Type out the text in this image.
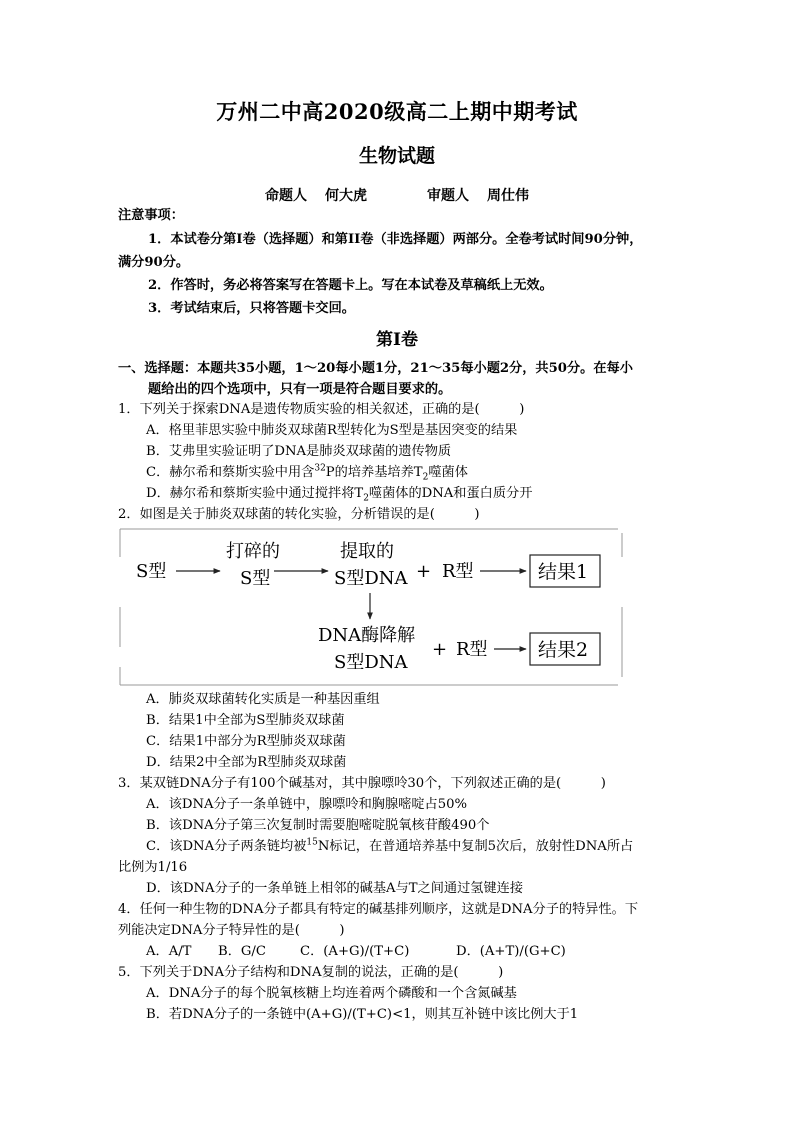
万州二中高2020级高二上期中期考试
生物试题
命题人 何大虎	审题人 周仕伟
注意事项：
1．本试卷分第I卷（选择题）和第II卷（非选择题）两部分。全卷考试时间90分钟，
满分90分。
2．作答时，务必将答案写在答题卡上。写在本试卷及草稿纸上无效。
3．考试结束后，只将答题卡交回。
第Ⅰ卷
一、选择题：本题共35小题，1～20每小题1分，21～35每小题2分，共50分。在每小
题给出的四个选项中，只有一项是符合题目要求的。
1．下列关于探索DNA是遗传物质实验的相关叙述，正确的是(　　　)
A．格里菲思实验中肺炎双球菌R型转化为S型是基因突变的结果
B．艾弗里实验证明了DNA是肺炎双球菌的遗传物质
C．赫尔希和蔡斯实验中用含$^{32}$P的培养基培养$T_2$噬菌体
D．赫尔希和蔡斯实验中通过搅拌将$T_2$噬菌体的DNA和蛋白质分开
2．如图是关于肺炎双球菌的转化实验，分析错误的是(　　　)
S型
打碎的
S型
提取的
S型DNA + R型	结果1
DNA酶降解
S型DNA
+ R型	结果2
A．肺炎双球菌转化实质是一种基因重组
B．结果1中全部为S型肺炎双球菌
C．结果1中部分为R型肺炎双球菌
D．结果2中全部为R型肺炎双球菌
3．某双链DNA分子有100个碱基对，其中腺嘌呤30个，下列叙述正确的是(　　　)
A．该DNA分子一条单链中，腺嘌呤和胸腺嘧啶占50%
B．该DNA分子第三次复制时需要胞嘧啶脱氧核苷酸490个
C．该DNA分子两条链均被$^{15}$N标记，在普通培养基中复制5次后，放射性DNA所占
比例为1/16
D．该DNA分子的一条单链上相邻的碱基A与T之间通过氢键连接
4．任何一种生物的DNA分子都具有特定的碱基排列顺序，这就是DNA分子的特异性。下
列能决定DNA分子特异性的是(　　　)
A．A/T B．G/C	C．(A+G)/(T+C)	D．(A+T)/(G+C)
5．下列关于DNA分子结构和DNA复制的说法，正确的是(　　　)
A．DNA分子的每个脱氧核糖上均连着两个磷酸和一个含氮碱基
B．若DNA分子的一条链中(A+G)/(T+C)<1，则其互补链中该比例大于1
